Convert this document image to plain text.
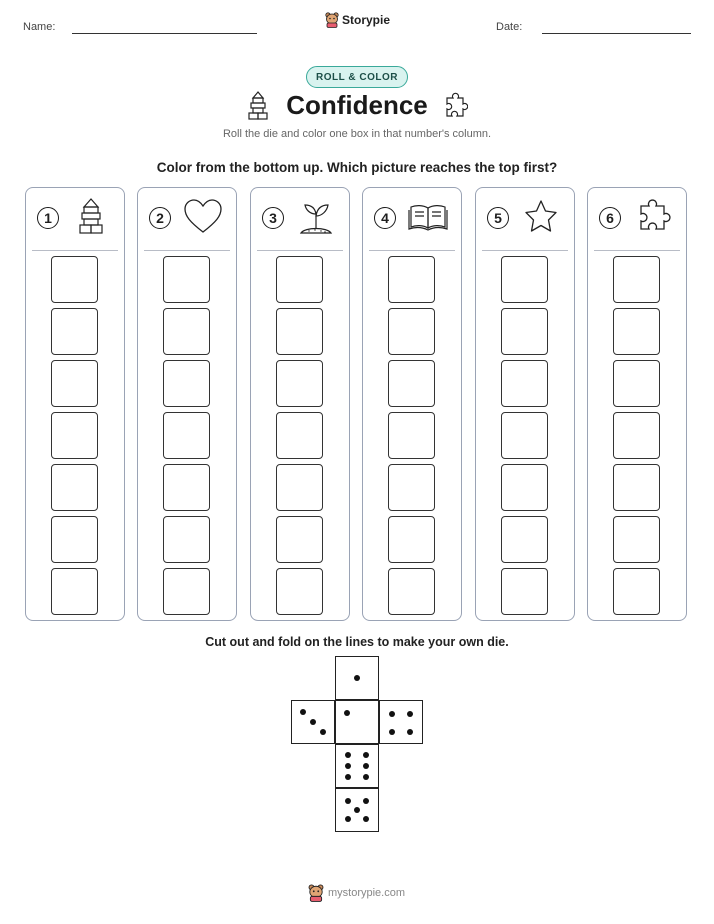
Name:	Storypie	Date:
ROLL & COLOR
Confidence
Roll the die and color one box in that number's column.
Color from the bottom up. Which picture reaches the top first?
1	2	3	4	5	6
Cut out and fold on the lines to make your own die.
mystorypie.com
